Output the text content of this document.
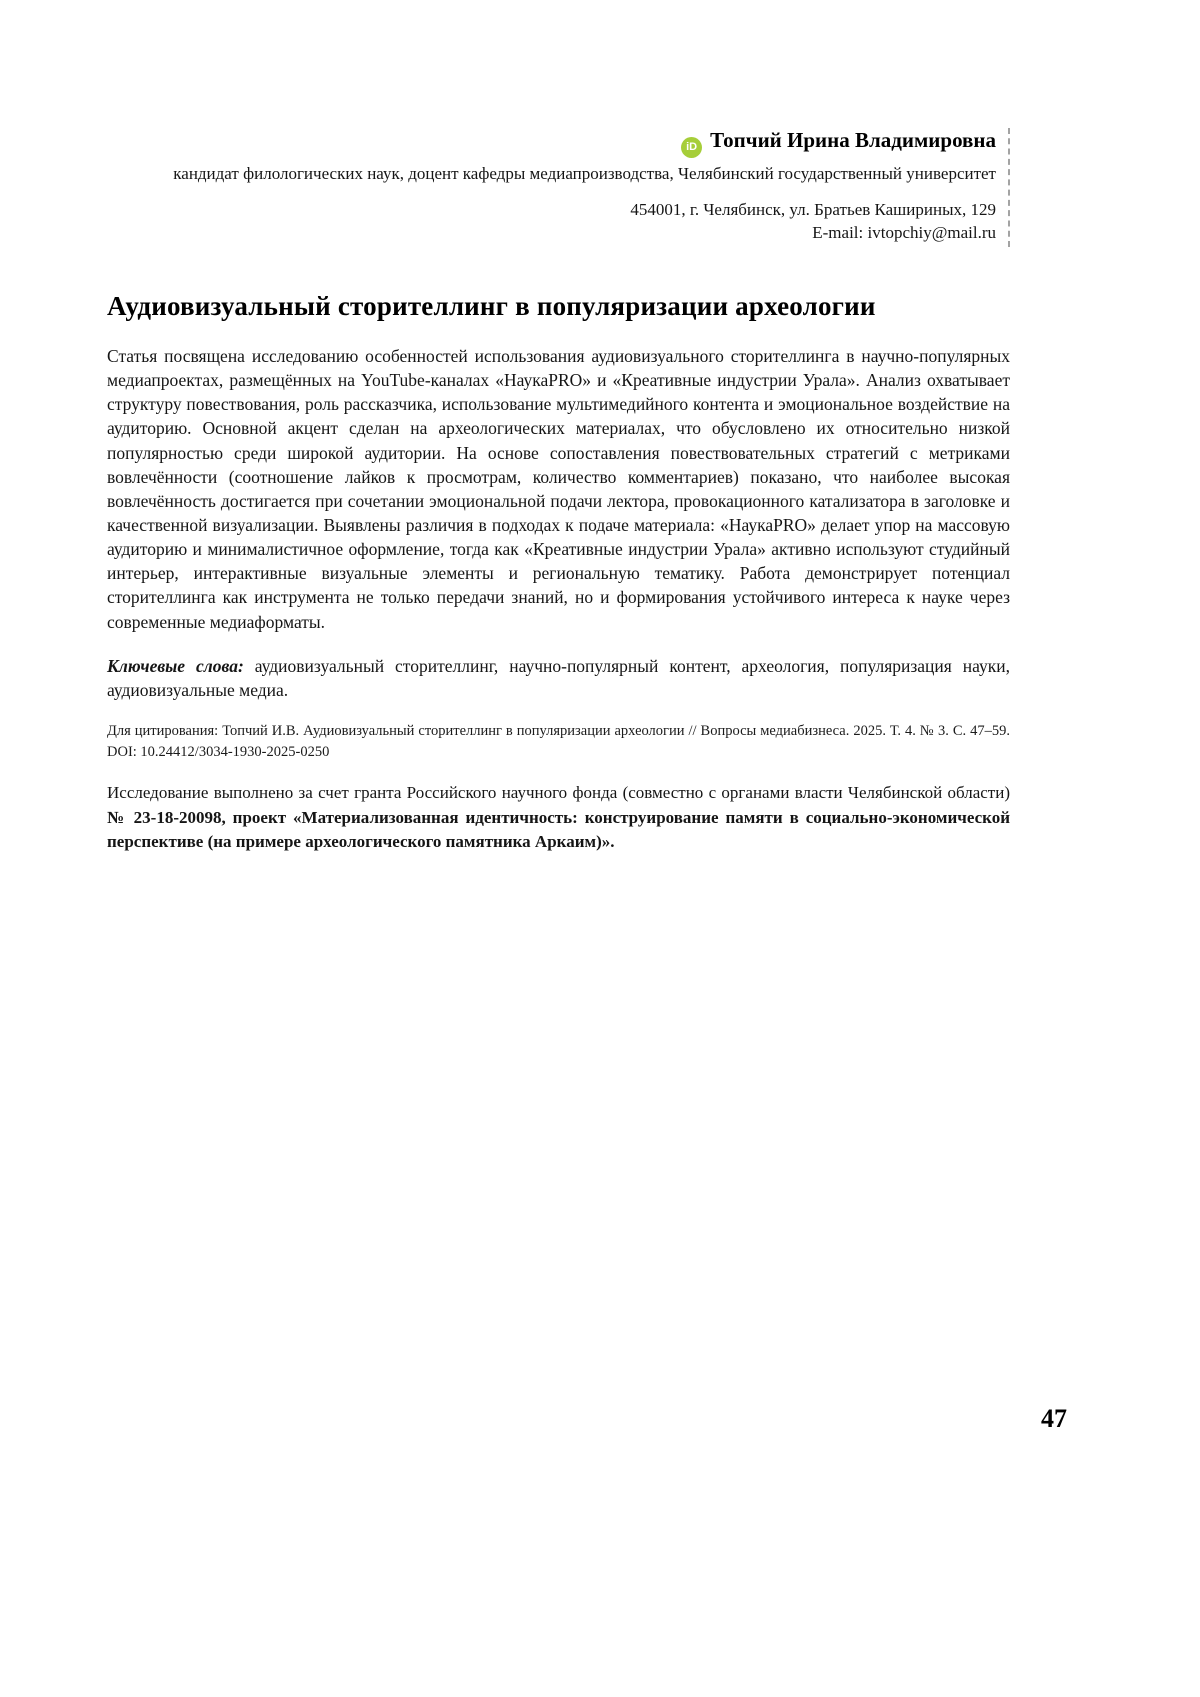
iD Топчий Ирина Владимировна
кандидат филологических наук, доцент кафедры медиапроизводства, Челябинский государственный университет
454001, г. Челябинск, ул. Братьев Кашириных, 129
E-mail: ivtopchiy@mail.ru
Аудиовизуальный сторителлинг в популяризации археологии

Статья посвящена исследованию особенностей использования аудиовизуального сторителлинга в научно-популярных медиапроектах, размещённых на YouTube-каналах «НаукаPRO» и «Креативные индустрии Урала». Анализ охватывает структуру повествования, роль рассказчика, использование мультимедийного контента и эмоциональное воздействие на аудиторию. Основной акцент сделан на археологических материалах, что обусловлено их относительно низкой популярностью среди широкой аудитории. На основе сопоставления повествовательных стратегий с метриками вовлечённости (соотношение лайков к просмотрам, количество комментариев) показано, что наиболее высокая вовлечённость достигается при сочетании эмоциональной подачи лектора, провокационного катализатора в заголовке и качественной визуализации. Выявлены различия в подходах к подаче материала: «НаукаPRO» делает упор на массовую аудиторию и минималистичное оформление, тогда как «Креативные индустрии Урала» активно используют студийный интерьер, интерактивные визуальные элементы и региональную тематику. Работа демонстрирует потенциал сторителлинга как инструмента не только передачи знаний, но и формирования устойчивого интереса к науке через современные медиаформаты.

Ключевые слова: аудиовизуальный сторителлинг, научно-популярный контент, археология, популяризация науки, аудиовизуальные медиа.

Для цитирования: Топчий И.В. Аудиовизуальный сторителлинг в популяризации археологии // Вопросы медиабизнеса. 2025. Т. 4. № 3. С. 47–59. DOI: 10.24412/3034-1930-2025-0250

Исследование выполнено за счет гранта Российского научного фонда (совместно с органами власти Челябинской области) № 23-18-20098, проект «Материализованная идентичность: конструирование памяти в социально-экономической перспективе (на примере археологического памятника Аркаим)».

47
